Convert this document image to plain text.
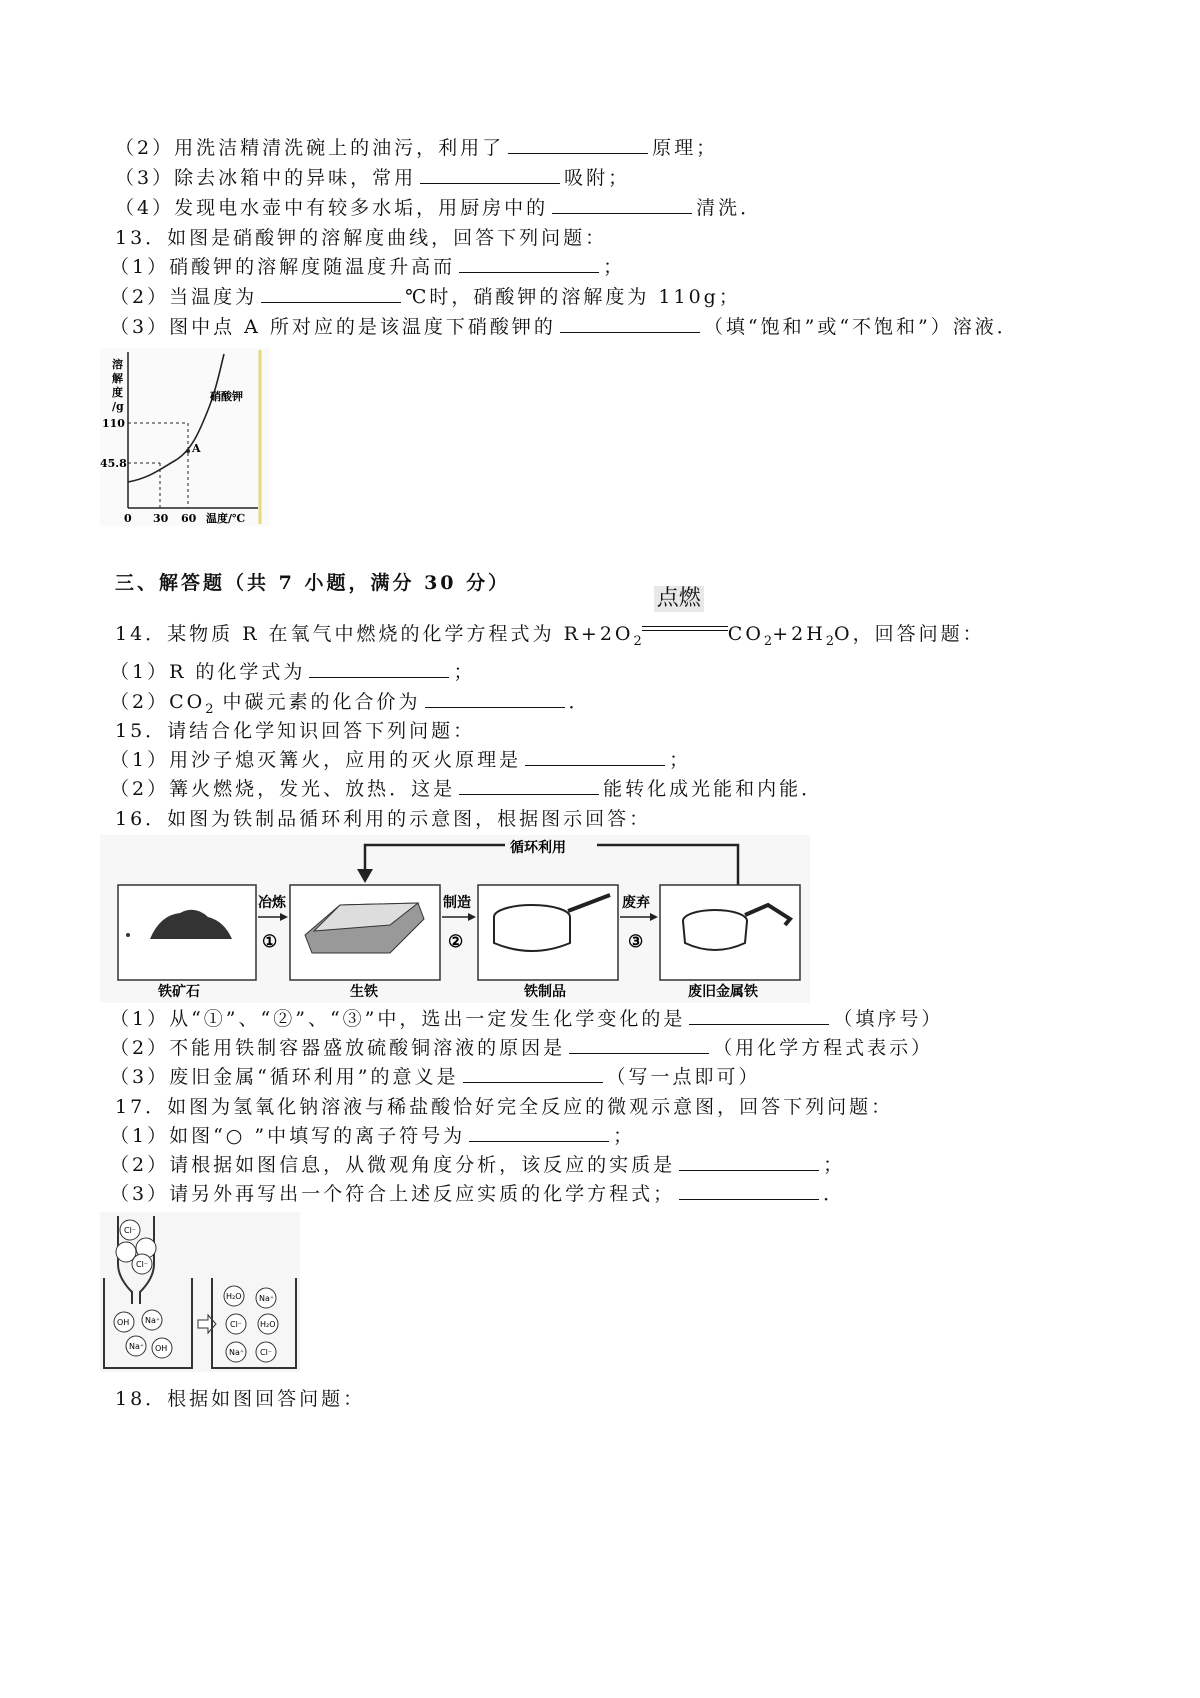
（2）用洗洁精清洗碗上的油污，利用了	原理；
（3）除去冰箱中的异味，常用	吸附；
（4）发现电水壶中有较多水垢，用厨房中的	清洗．
13．如图是硝酸钾的溶解度曲线，回答下列问题：
（1）硝酸钾的溶解度随温度升高而	；
（2）当温度为	℃时，硝酸钾的溶解度为 110g；
（3）图中点 A 所对应的是该温度下硝酸钾的	（填“饱和”或“不饱和”）溶液．
溶
解
度
/g
硝酸钾
A
110
45.8
0 30 60 温度/℃
三、解答题（共 7 小题，满分 30 分）
14．某物质 R 在氧气中燃烧的化学方程式为 $R+2O_2$
点燃
$CO_2+2H_2O$，回答问题：
（1）R 的化学式为	；
$(2)CO_2$ 中碳元素的化合价为	．
15．请结合化学知识回答下列问题：
（1）用沙子熄灭篝火，应用的灭火原理是	；
（2）篝火燃烧，发光、放热．这是	能转化成光能和内能．
16．如图为铁制品循环利用的示意图，根据图示回答：
循环利用
冶炼
①
制造
②
废弃
③
铁矿石	生铁	铁制品	废旧金属铁
（1）从“①”、“②”、“③”中，选出一定发生化学变化的是	（填序号）
（2）不能用铁制容器盛放硫酸铜溶液的原因是	（用化学方程式表示）
（3）废旧金属“循环利用”的意义是	（写一点即可）
17．如图为氢氧化钠溶液与稀盐酸恰好完全反应的微观示意图，回答下列问题：
（1）如图“○ ”中填写的离子符号为	；
（2）请根据如图信息，从微观角度分析，该反应的实质是	；
（3）请另外再写出一个符合上述反应实质的化学方程式；	．
Cl⁻
Cl⁻
OH Na⁺
Na⁺ OH
H₂O Na⁺
Cl⁻ H₂O
Na⁺ Cl⁻
18．根据如图回答问题：
